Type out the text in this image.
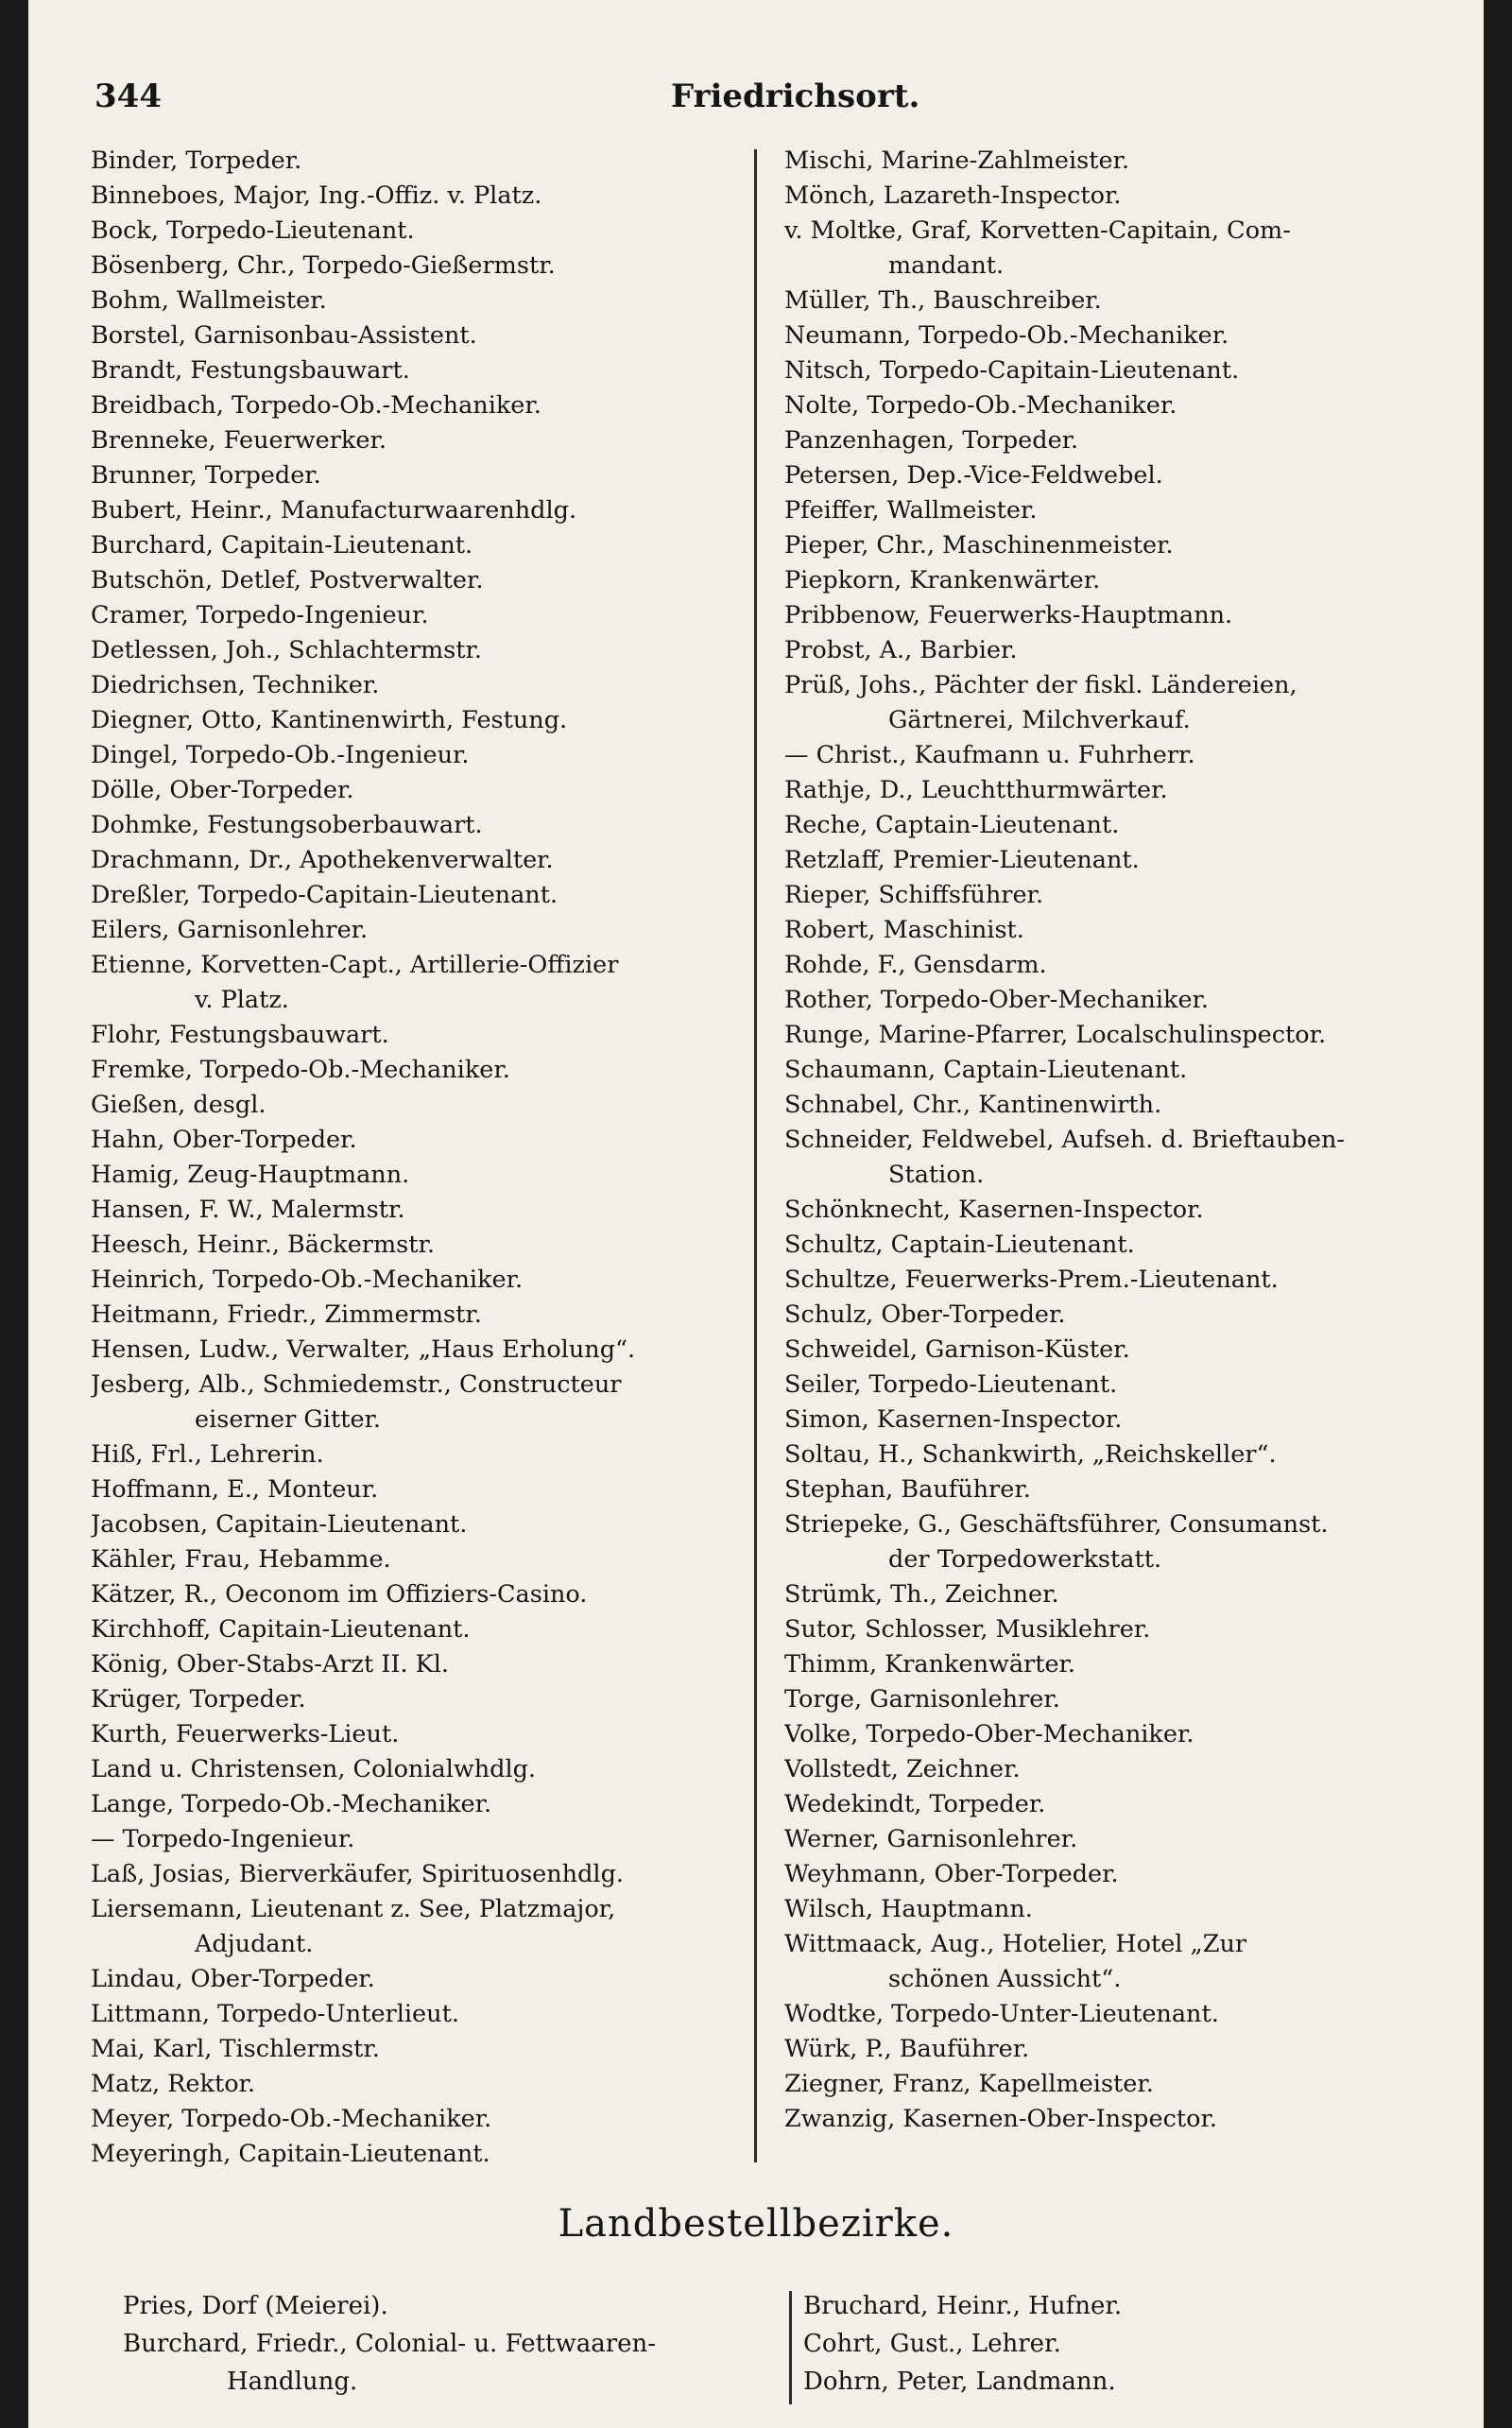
344	Friedrichsort.
Binder, Torpeder.
Binneboes, Major, Ing.-Offiz. v. Platz.
Bock, Torpedo-Lieutenant.
Bösenberg, Chr., Torpedo-Gießermstr.
Bohm, Wallmeister.
Borstel, Garnisonbau-Assistent.
Brandt, Festungsbauwart.
Breidbach, Torpedo-Ob.-Mechaniker.
Brenneke, Feuerwerker.
Brunner, Torpeder.
Bubert, Heinr., Manufacturwaarenhdlg.
Burchard, Capitain-Lieutenant.
Butschön, Detlef, Postverwalter.
Cramer, Torpedo-Ingenieur.
Detlessen, Joh., Schlachtermstr.
Diedrichsen, Techniker.
Diegner, Otto, Kantinenwirth, Festung.
Dingel, Torpedo-Ob.-Ingenieur.
Dölle, Ober-Torpeder.
Dohmke, Festungsoberbauwart.
Drachmann, Dr., Apothekenverwalter.
Dreßler, Torpedo-Capitain-Lieutenant.
Eilers, Garnisonlehrer.
Etienne, Korvetten-Capt., Artillerie-Offizier
v. Platz.
Flohr, Festungsbauwart.
Fremke, Torpedo-Ob.-Mechaniker.
Gießen, desgl.
Hahn, Ober-Torpeder.
Hamig, Zeug-Hauptmann.
Hansen, F. W., Malermstr.
Heesch, Heinr., Bäckermstr.
Heinrich, Torpedo-Ob.-Mechaniker.
Heitmann, Friedr., Zimmermstr.
Hensen, Ludw., Verwalter, „Haus Erholung“.
Jesberg, Alb., Schmiedemstr., Constructeur
eiserner Gitter.
Hiß, Frl., Lehrerin.
Hoffmann, E., Monteur.
Jacobsen, Capitain-Lieutenant.
Kähler, Frau, Hebamme.
Kätzer, R., Oeconom im Offiziers-Casino.
Kirchhoff, Capitain-Lieutenant.
König, Ober-Stabs-Arzt II. Kl.
Krüger, Torpeder.
Kurth, Feuerwerks-Lieut.
Land u. Christensen, Colonialwhdlg.
Lange, Torpedo-Ob.-Mechaniker.
— Torpedo-Ingenieur.
Laß, Josias, Bierverkäufer, Spirituosenhdlg.
Liersemann, Lieutenant z. See, Platzmajor,
Adjudant.
Lindau, Ober-Torpeder.
Littmann, Torpedo-Unterlieut.
Mai, Karl, Tischlermstr.
Matz, Rektor.
Meyer, Torpedo-Ob.-Mechaniker.
Meyeringh, Capitain-Lieutenant.
Mischi, Marine-Zahlmeister.
Mönch, Lazareth-Inspector.
v. Moltke, Graf, Korvetten-Capitain, Com-
mandant.
Müller, Th., Bauschreiber.
Neumann, Torpedo-Ob.-Mechaniker.
Nitsch, Torpedo-Capitain-Lieutenant.
Nolte, Torpedo-Ob.-Mechaniker.
Panzenhagen, Torpeder.
Petersen, Dep.-Vice-Feldwebel.
Pfeiffer, Wallmeister.
Pieper, Chr., Maschinenmeister.
Piepkorn, Krankenwärter.
Pribbenow, Feuerwerks-Hauptmann.
Probst, A., Barbier.
Prüß, Johs., Pächter der fiskl. Ländereien,
Gärtnerei, Milchverkauf.
— Christ., Kaufmann u. Fuhrherr.
Rathje, D., Leuchtthurmwärter.
Reche, Captain-Lieutenant.
Retzlaff, Premier-Lieutenant.
Rieper, Schiffsführer.
Robert, Maschinist.
Rohde, F., Gensdarm.
Rother, Torpedo-Ober-Mechaniker.
Runge, Marine-Pfarrer, Localschulinspector.
Schaumann, Captain-Lieutenant.
Schnabel, Chr., Kantinenwirth.
Schneider, Feldwebel, Aufseh. d. Brieftauben-
Station.
Schönknecht, Kasernen-Inspector.
Schultz, Captain-Lieutenant.
Schultze, Feuerwerks-Prem.-Lieutenant.
Schulz, Ober-Torpeder.
Schweidel, Garnison-Küster.
Seiler, Torpedo-Lieutenant.
Simon, Kasernen-Inspector.
Soltau, H., Schankwirth, „Reichskeller“.
Stephan, Bauführer.
Striepeke, G., Geschäftsführer, Consumanst.
der Torpedowerkstatt.
Strümk, Th., Zeichner.
Sutor, Schlosser, Musiklehrer.
Thimm, Krankenwärter.
Torge, Garnisonlehrer.
Volke, Torpedo-Ober-Mechaniker.
Vollstedt, Zeichner.
Wedekindt, Torpeder.
Werner, Garnisonlehrer.
Weyhmann, Ober-Torpeder.
Wilsch, Hauptmann.
Wittmaack, Aug., Hotelier, Hotel „Zur
schönen Aussicht“.
Wodtke, Torpedo-Unter-Lieutenant.
Würk, P., Bauführer.
Ziegner, Franz, Kapellmeister.
Zwanzig, Kasernen-Ober-Inspector.
Landbestellbezirke.
Pries, Dorf (Meierei).
Burchard, Friedr., Colonial- u. Fettwaaren-
Handlung.
Bruchard, Heinr., Hufner.
Cohrt, Gust., Lehrer.
Dohrn, Peter, Landmann.
